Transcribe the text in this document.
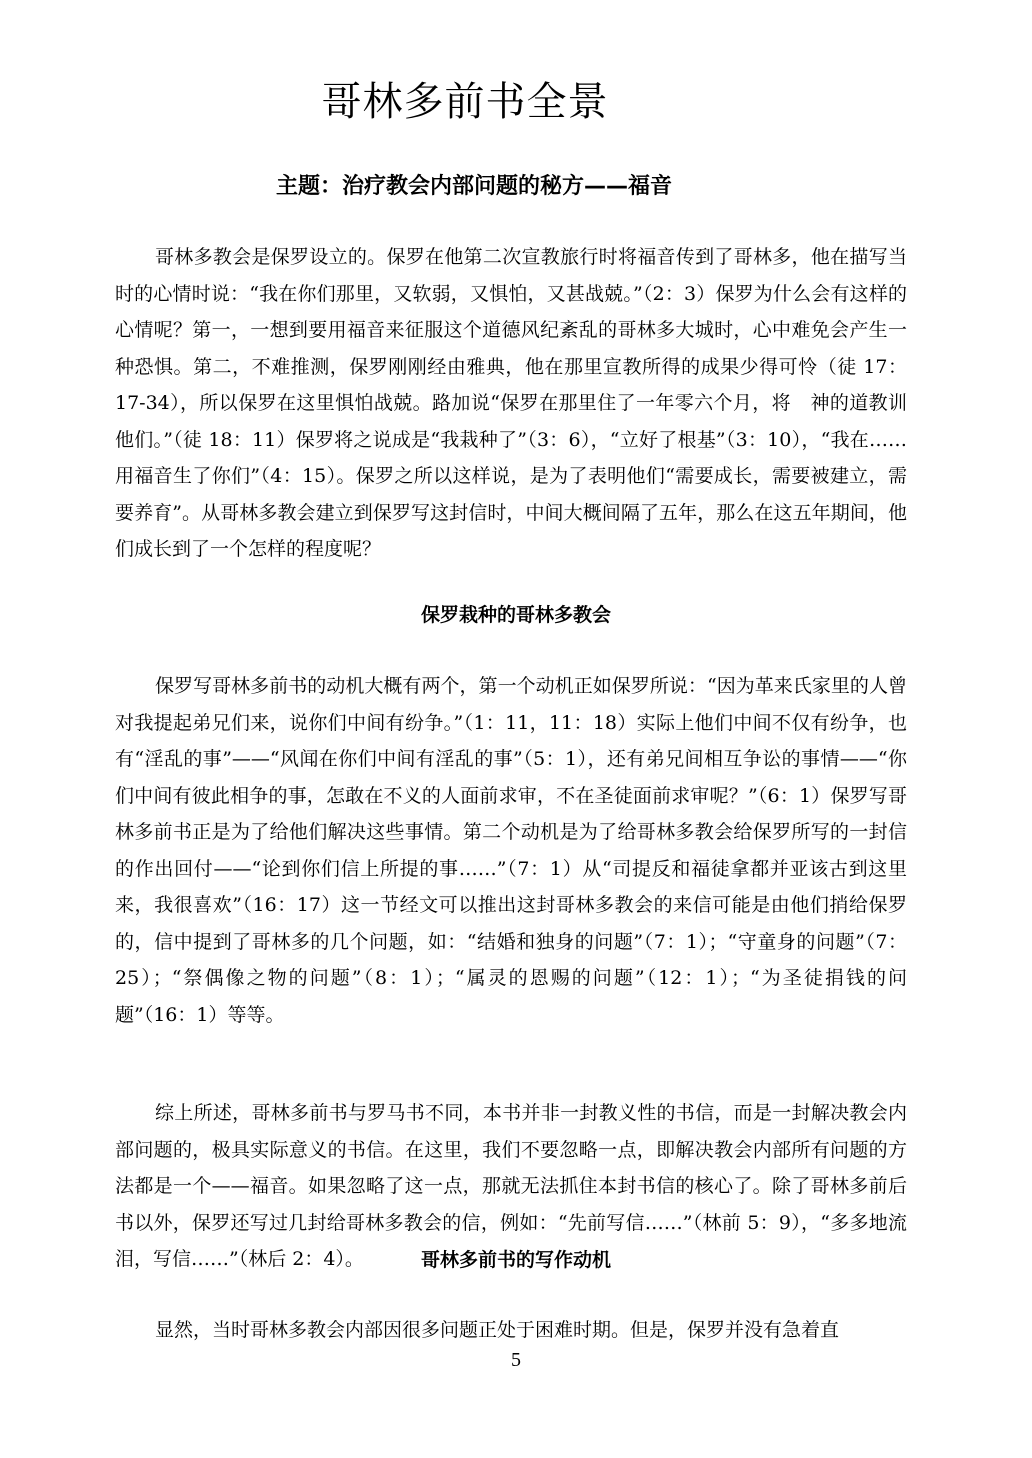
哥林多前书全景
主题：治疗教会内部问题的秘方——福音

哥林多教会是保罗设立的。保罗在他第二次宣教旅行时将福音传到了哥林多，他在描写当时的心情时说：“我在你们那里，又软弱，又惧怕，又甚战兢。”（2：3）保罗为什么会有这样的心情呢？第一，一想到要用福音来征服这个道德风纪紊乱的哥林多大城时，心中难免会产生一种恐惧。第二，不难推测，保罗刚刚经由雅典，他在那里宣教所得的成果少得可怜（徒 17：17-34），所以保罗在这里惧怕战兢。路加说“保罗在那里住了一年零六个月，将　神的道教训他们。”（徒 18：11）保罗将之说成是“我栽种了”（3：6），“立好了根基”（3：10），“我在……用福音生了你们”（4：15）。保罗之所以这样说，是为了表明他们“需要成长，需要被建立，需要养育”。从哥林多教会建立到保罗写这封信时，中间大概间隔了五年，那么在这五年期间，他们成长到了一个怎样的程度呢？

保罗栽种的哥林多教会

保罗写哥林多前书的动机大概有两个，第一个动机正如保罗所说：“因为革来氏家里的人曾对我提起弟兄们来，说你们中间有纷争。”（1：11，11：18）实际上他们中间不仅有纷争，也有“淫乱的事”——“风闻在你们中间有淫乱的事”（5：1），还有弟兄间相互争讼的事情——“你们中间有彼此相争的事，怎敢在不义的人面前求审，不在圣徒面前求审呢？”（6：1）保罗写哥林多前书正是为了给他们解决这些事情。第二个动机是为了给哥林多教会给保罗所写的一封信的作出回付——“论到你们信上所提的事……”（7：1）从“司提反和福徒拿都并亚该古到这里来，我很喜欢”（16：17）这一节经文可以推出这封哥林多教会的来信可能是由他们捎给保罗的，信中提到了哥林多的几个问题，如：“结婚和独身的问题”（7：1）；“守童身的问题”（7：25）；“祭偶像之物的问题”（8：1）；“属灵的恩赐的问题”（12：1）；“为圣徒捐钱的问题”（16：1）等等。

综上所述，哥林多前书与罗马书不同，本书并非一封教义性的书信，而是一封解决教会内部问题的，极具实际意义的书信。在这里，我们不要忽略一点，即解决教会内部所有问题的方法都是一个——福音。如果忽略了这一点，那就无法抓住本封书信的核心了。除了哥林多前后书以外，保罗还写过几封给哥林多教会的信，例如：“先前写信……”（林前 5：9），“多多地流泪，写信……”（林后 2：4）。	哥林多前书的写作动机

显然，当时哥林多教会内部因很多问题正处于困难时期。但是，保罗并没有急着直

5
